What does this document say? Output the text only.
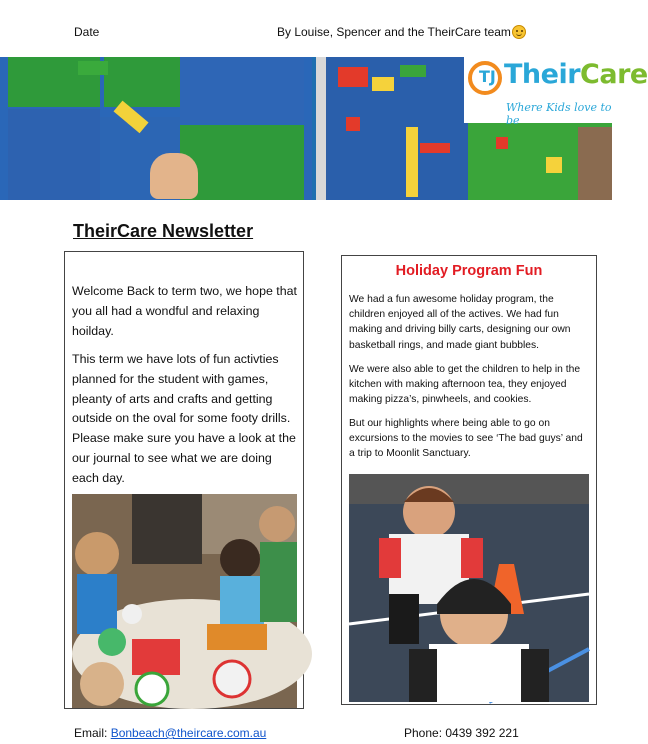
Date	By Louise, Spencer and the TheirCare team
TJ TheirCare
Where Kids love to be
TheirCare Newsletter
Welcome Back to term two, we hope that you all had a wondful and relaxing hoilday.
This term we have lots of fun activties planned for the student with games, pleanty of arts and crafts and getting outside on the oval for some footy drills. Please make sure you have a look at the our journal to see what we are doing each day.
Holiday Program Fun
We had a fun awesome holiday program, the children enjoyed all of the actives. We had fun making and driving billy carts, designing our own basketball rings, and made giant bubbles.
We were also able to get the children to help in the kitchen with making afternoon tea, they enjoyed making pizza’s, pinwheels, and cookies.
But our highlights where being able to go on excursions to the movies to see ‘The bad guys’ and a trip to Moonlit Sanctuary.
Email: Bonbeach@theircare.com.au	Phone: 0439 392 221
